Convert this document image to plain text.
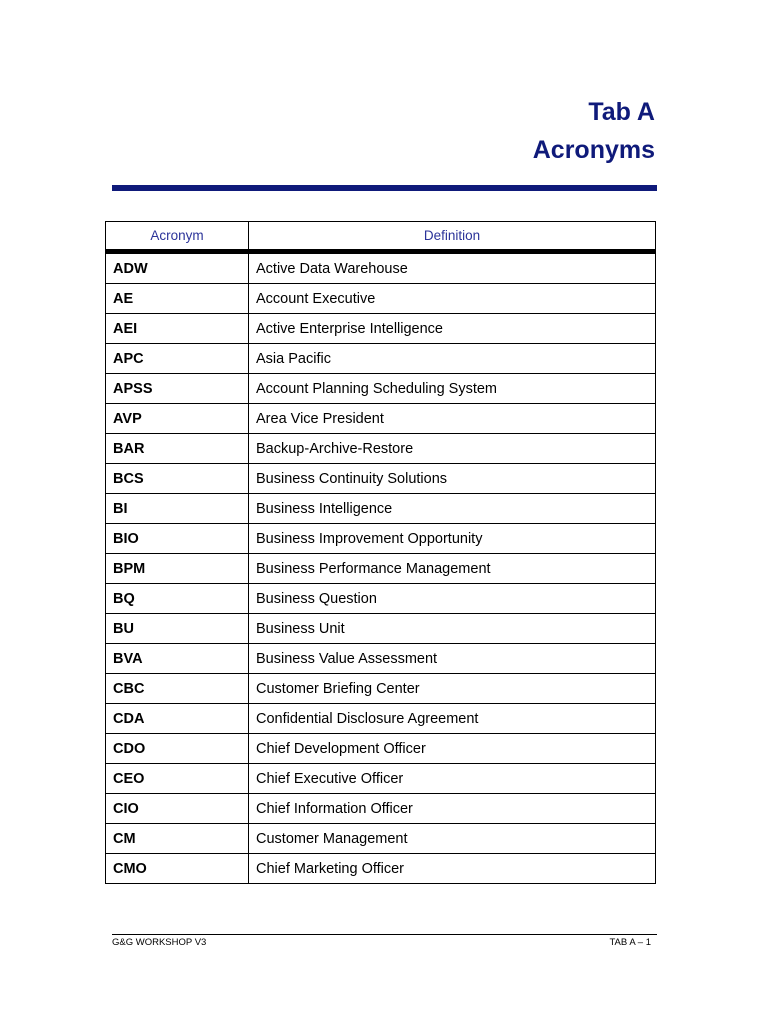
Tab A
Acronyms
Acronym	Definition
ADW	Active Data Warehouse
AE	Account Executive
AEI	Active Enterprise Intelligence
APC	Asia Pacific
APSS	Account Planning Scheduling System
AVP	Area Vice President
BAR	Backup-Archive-Restore
BCS	Business Continuity Solutions
BI	Business Intelligence
BIO	Business Improvement Opportunity
BPM	Business Performance Management
BQ	Business Question
BU	Business Unit
BVA	Business Value Assessment
CBC	Customer Briefing Center
CDA	Confidential Disclosure Agreement
CDO	Chief Development Officer
CEO	Chief Executive Officer
CIO	Chief Information Officer
CM	Customer Management
CMO	Chief Marketing Officer
G&G WORKSHOP V3	TAB A – 1
